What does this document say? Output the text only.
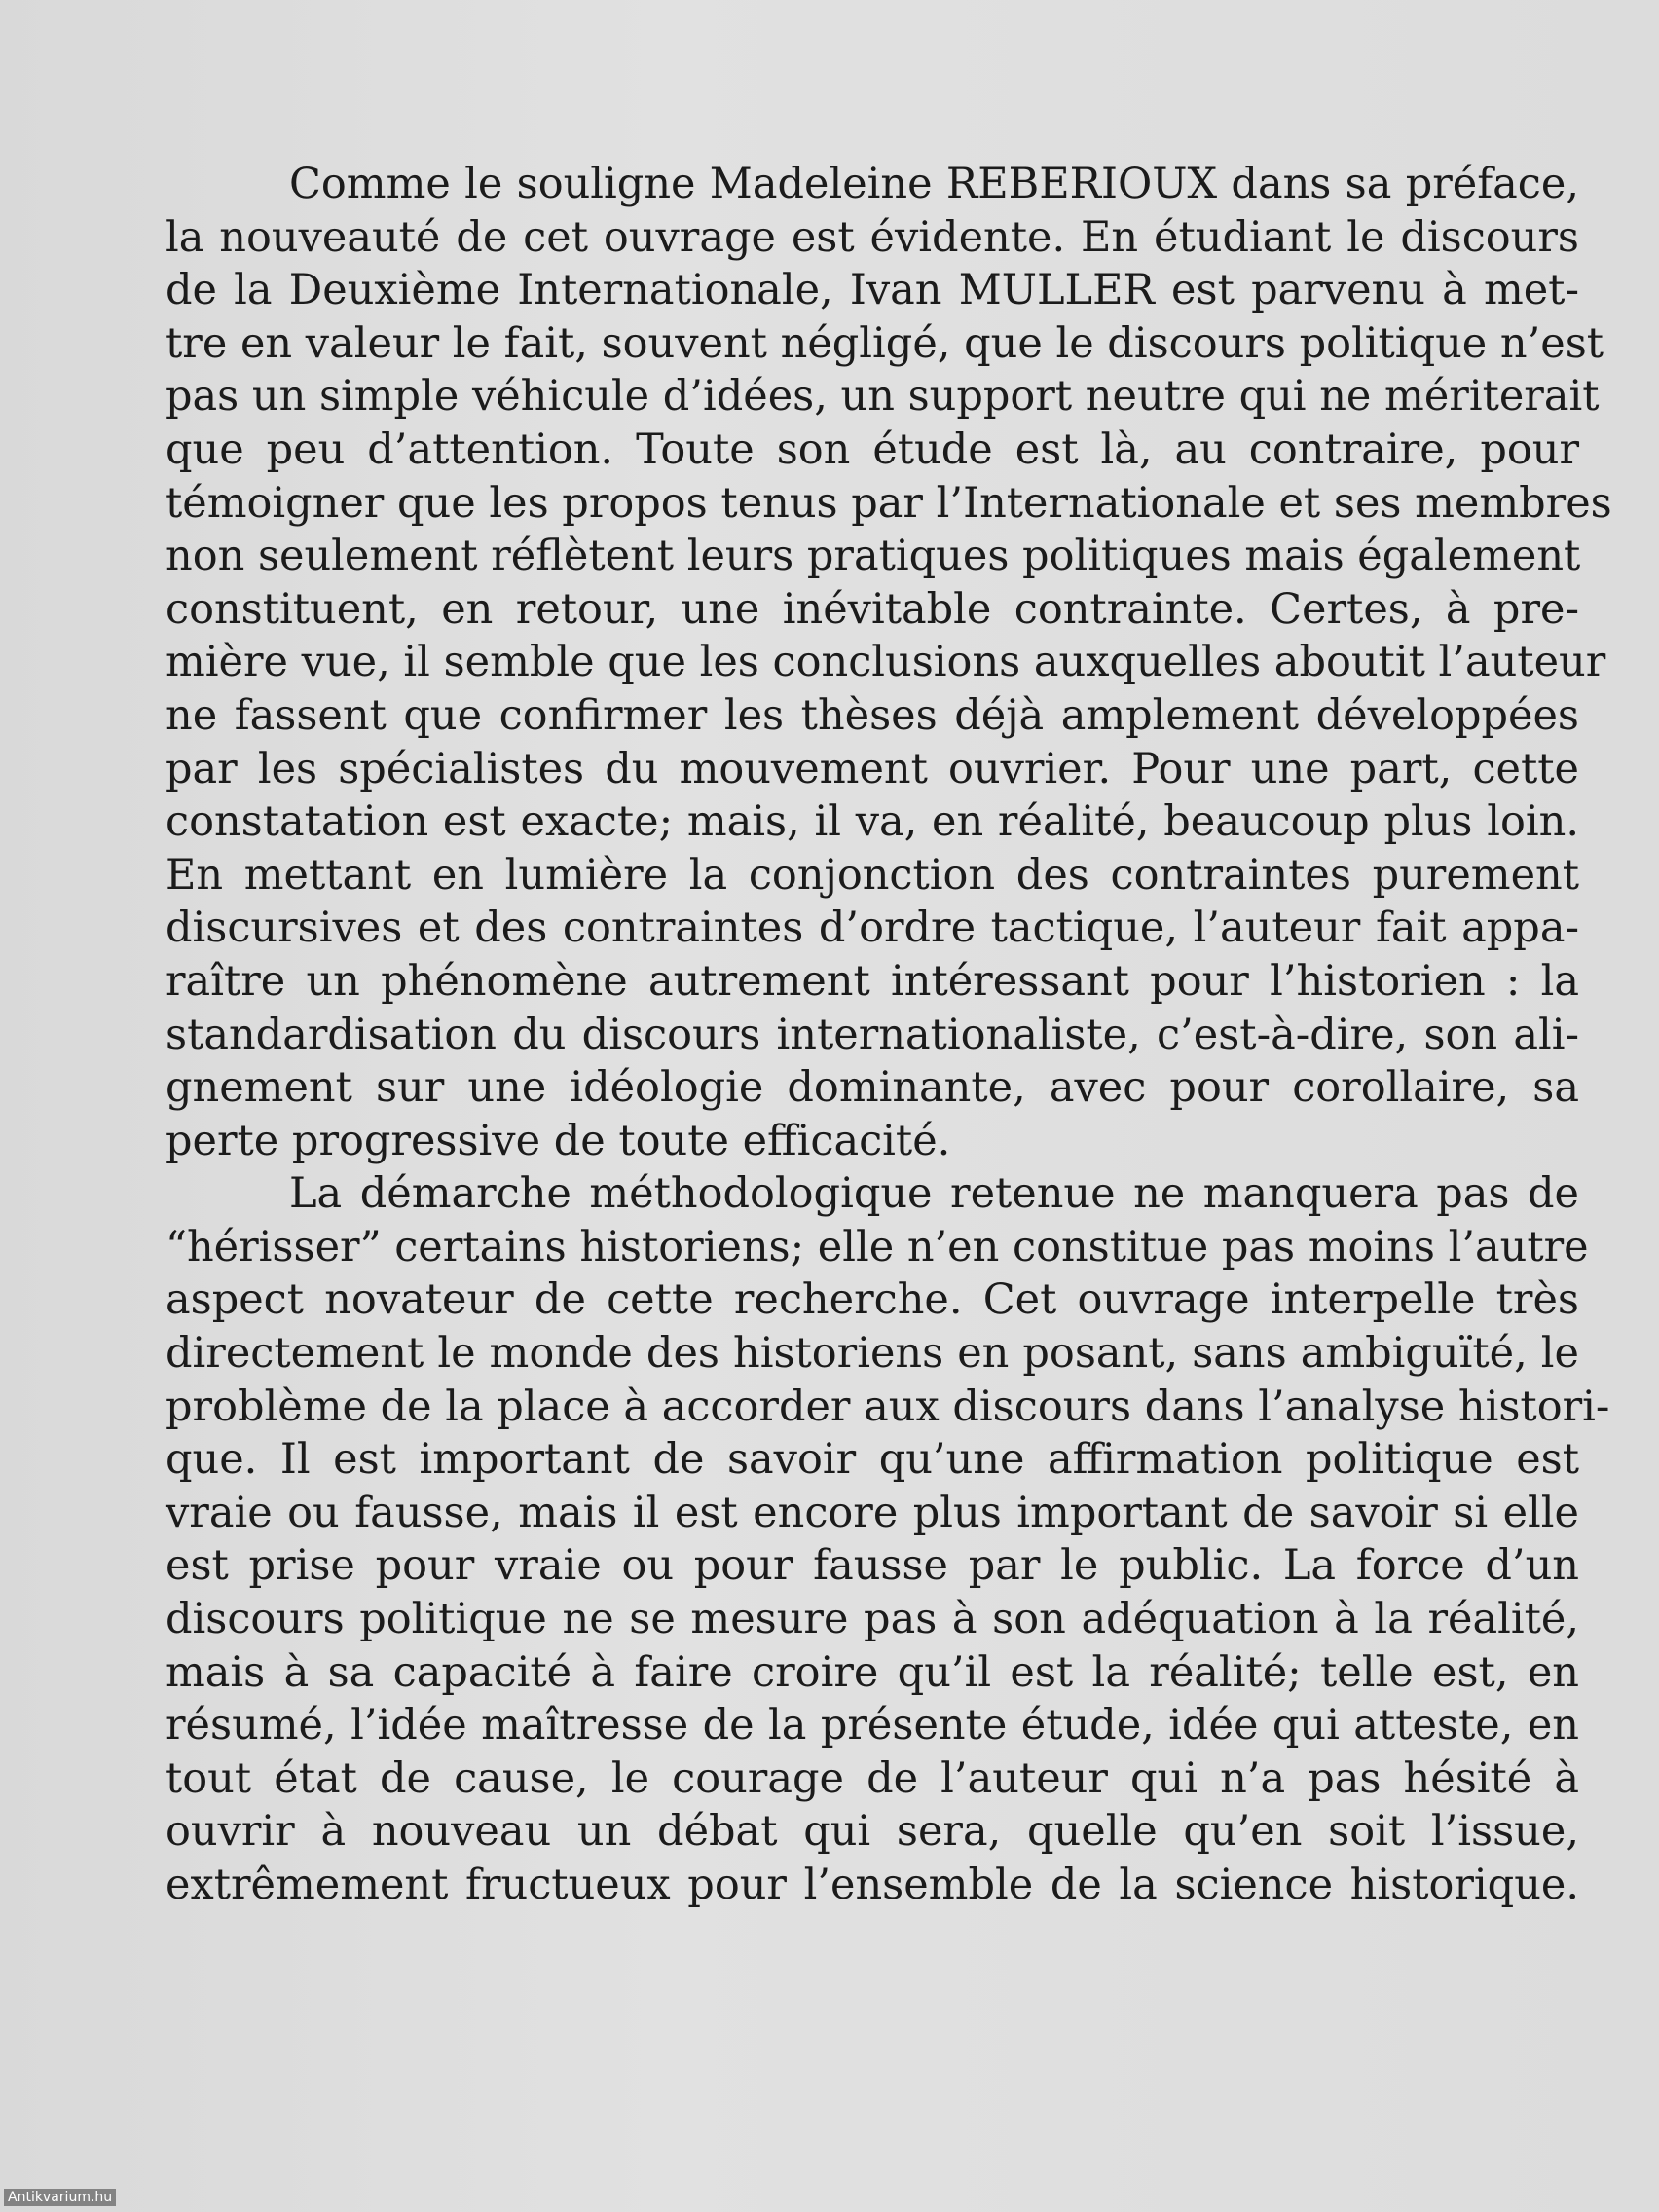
Comme le souligne Madeleine REBERIOUX dans sa préface,
la nouveauté de cet ouvrage est évidente. En étudiant le discours
de la Deuxième Internationale, Ivan MULLER est parvenu à met-
tre en valeur le fait, souvent négligé, que le discours politique n’est
pas un simple véhicule d’idées, un support neutre qui ne mériterait
que peu d’attention. Toute son étude est là, au contraire, pour
témoigner que les propos tenus par l’Internationale et ses membres
non seulement réflètent leurs pratiques politiques mais également
constituent, en retour, une inévitable contrainte. Certes, à pre-
mière vue, il semble que les conclusions auxquelles aboutit l’auteur
ne fassent que confirmer les thèses déjà amplement développées
par les spécialistes du mouvement ouvrier. Pour une part, cette
constatation est exacte; mais, il va, en réalité, beaucoup plus loin.
En mettant en lumière la conjonction des contraintes purement
discursives et des contraintes d’ordre tactique, l’auteur fait appa-
raître un phénomène autrement intéressant pour l’historien : la
standardisation du discours internationaliste, c’est-à-dire, son ali-
gnement sur une idéologie dominante, avec pour corollaire, sa
perte progressive de toute efficacité.

La démarche méthodologique retenue ne manquera pas de
“hérisser” certains historiens; elle n’en constitue pas moins l’autre
aspect novateur de cette recherche. Cet ouvrage interpelle très
directement le monde des historiens en posant, sans ambiguïté, le
problème de la place à accorder aux discours dans l’analyse histori-
que. Il est important de savoir qu’une affirmation politique est
vraie ou fausse, mais il est encore plus important de savoir si elle
est prise pour vraie ou pour fausse par le public. La force d’un
discours politique ne se mesure pas à son adéquation à la réalité,
mais à sa capacité à faire croire qu’il est la réalité; telle est, en
résumé, l’idée maîtresse de la présente étude, idée qui atteste, en
tout état de cause, le courage de l’auteur qui n’a pas hésité à
ouvrir à nouveau un débat qui sera, quelle qu’en soit l’issue,
extrêmement fructueux pour l’ensemble de la science historique.

Antikvarium.hu
